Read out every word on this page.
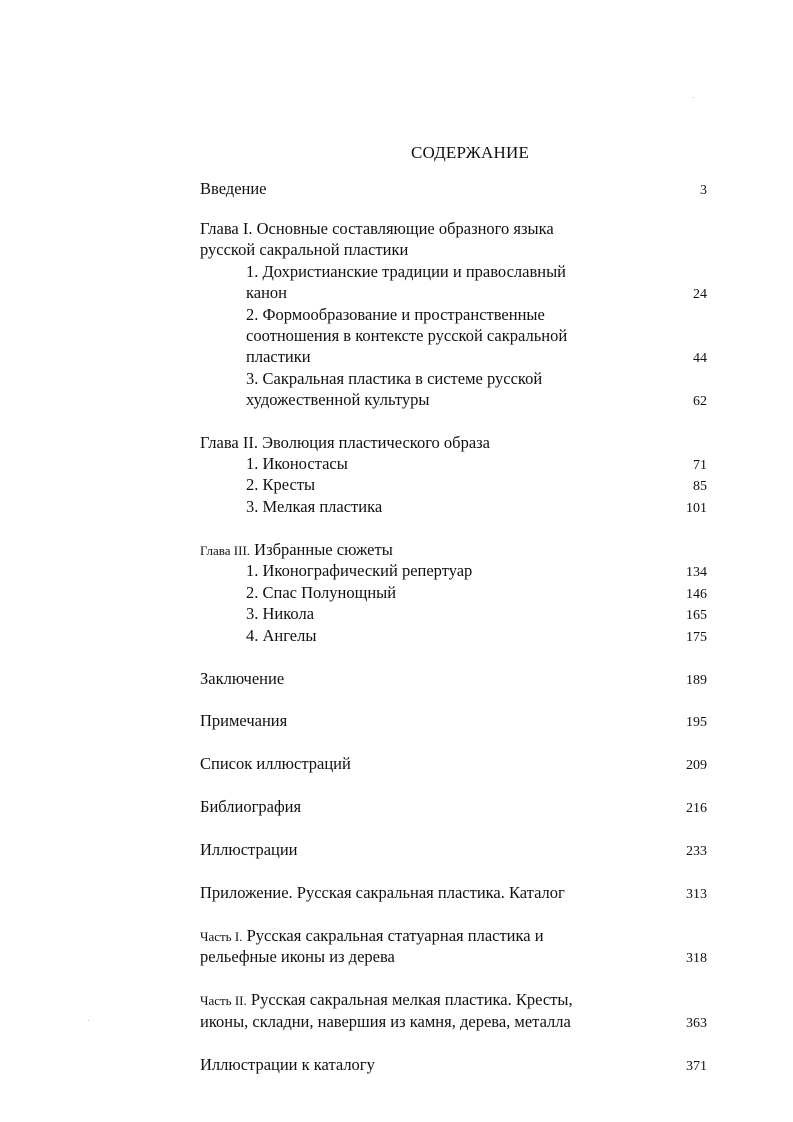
СОДЕРЖАНИЕ
Введение	3
Глава I. Основные составляющие образного языка
русской сакральной пластики
1. Дохристианские традиции и православный
канон	24
2. Формообразование и пространственные
соотношения в контексте русской сакральной
пластики	44
3. Сакральная пластика в системе русской
художественной культуры	62
Глава II. Эволюция пластического образа
1. Иконостасы	71
2. Кресты	85
3. Мелкая пластика	101
Глава III. Избранные сюжеты
1. Иконографический репертуар	134
2. Спас Полунощный	146
3. Никола	165
4. Ангелы	175
Заключение	189
Примечания	195
Список иллюстраций	209
Библиография	216
Иллюстрации	233
Приложение. Русская сакральная пластика. Каталог	313
Часть I. Русская сакральная статуарная пластика и
рельефные иконы из дерева	318
Часть II. Русская сакральная мелкая пластика. Кресты,
иконы, складни, навершия из камня, дерева, металла	363
Иллюстрации к каталогу	371
